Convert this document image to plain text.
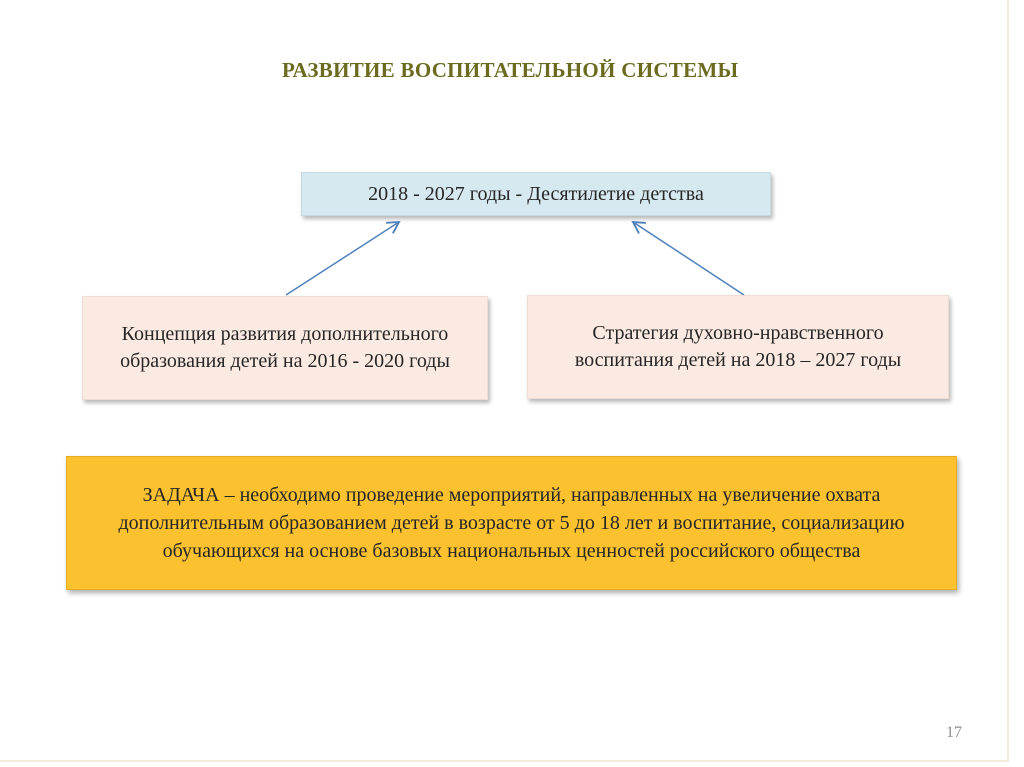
РАЗВИТИЕ ВОСПИТАТЕЛЬНОЙ СИСТЕМЫ
2018 - 2027 годы - Десятилетие детства
Концепция развития дополнительного образования детей на 2016 - 2020 годы
Стратегия духовно-нравственного воспитания детей на 2018 – 2027 годы
ЗАДАЧА – необходимо проведение мероприятий, направленных на увеличение охвата дополнительным образованием детей в возрасте от 5 до 18 лет и воспитание, социализацию обучающихся на основе базовых национальных ценностей российского общества
17
